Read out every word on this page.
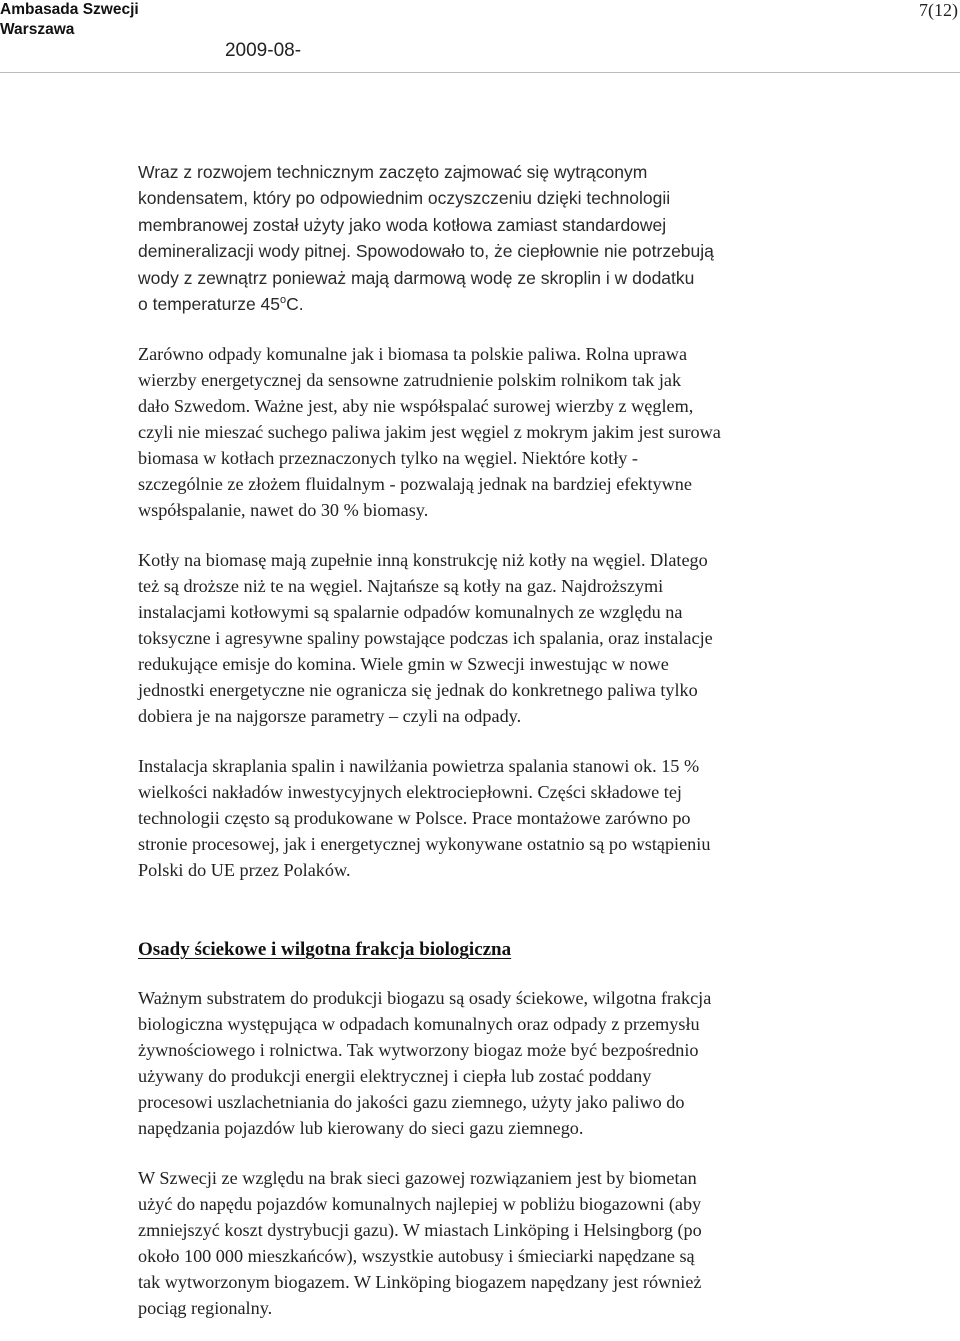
Ambasada Szwecji
Warszawa
7(12)
2009-08-

Wraz z rozwojem technicznym zaczęto zajmować się wytrąconym
kondensatem, który po odpowiednim oczyszczeniu dzięki technologii
membranowej został użyty jako woda kotłowa zamiast standardowej
demineralizacji wody pitnej. Spowodowało to, że ciepłownie nie potrzebują
wody z zewnątrz ponieważ mają darmową wodę ze skroplin i w dodatku
o temperaturze 45$^o$C.

Zarówno odpady komunalne jak i biomasa ta polskie paliwa. Rolna uprawa
wierzby energetycznej da sensowne zatrudnienie polskim rolnikom tak jak
dało Szwedom. Ważne jest, aby nie współspalać surowej wierzby z węglem,
czyli nie mieszać suchego paliwa jakim jest węgiel z mokrym jakim jest surowa
biomasa w kotłach przeznaczonych tylko na węgiel. Niektóre kotły -
szczególnie ze złożem fluidalnym - pozwalają jednak na bardziej efektywne
współspalanie, nawet do 30 % biomasy.

Kotły na biomasę mają zupełnie inną konstrukcję niż kotły na węgiel. Dlatego
też są droższe niż te na węgiel. Najtańsze są kotły na gaz. Najdroższymi
instalacjami kotłowymi są spalarnie odpadów komunalnych ze względu na
toksyczne i agresywne spaliny powstające podczas ich spalania, oraz instalacje
redukujące emisje do komina. Wiele gmin w Szwecji inwestując w nowe
jednostki energetyczne nie ogranicza się jednak do konkretnego paliwa tylko
dobiera je na najgorsze parametry – czyli na odpady.

Instalacja skraplania spalin i nawilżania powietrza spalania stanowi ok. 15 %
wielkości nakładów inwestycyjnych elektrociepłowni. Części składowe tej
technologii często są produkowane w Polsce. Prace montażowe zarówno po
stronie procesowej, jak i energetycznej wykonywane ostatnio są po wstąpieniu
Polski do UE przez Polaków.

Osady ściekowe i wilgotna frakcja biologiczna

Ważnym substratem do produkcji biogazu są osady ściekowe, wilgotna frakcja
biologiczna występująca w odpadach komunalnych oraz odpady z przemysłu
żywnościowego i rolnictwa. Tak wytworzony biogaz może być bezpośrednio
używany do produkcji energii elektrycznej i ciepła lub zostać poddany
procesowi uszlachetniania do jakości gazu ziemnego, użyty jako paliwo do
napędzania pojazdów lub kierowany do sieci gazu ziemnego.

W Szwecji ze względu na brak sieci gazowej rozwiązaniem jest by biometan
użyć do napędu pojazdów komunalnych najlepiej w pobliżu biogazowni (aby
zmniejszyć koszt dystrybucji gazu). W miastach Linköping i Helsingborg (po
około 100 000 mieszkańców), wszystkie autobusy i śmieciarki napędzane są
tak wytworzonym biogazem. W Linköping biogazem napędzany jest również
pociąg regionalny.
